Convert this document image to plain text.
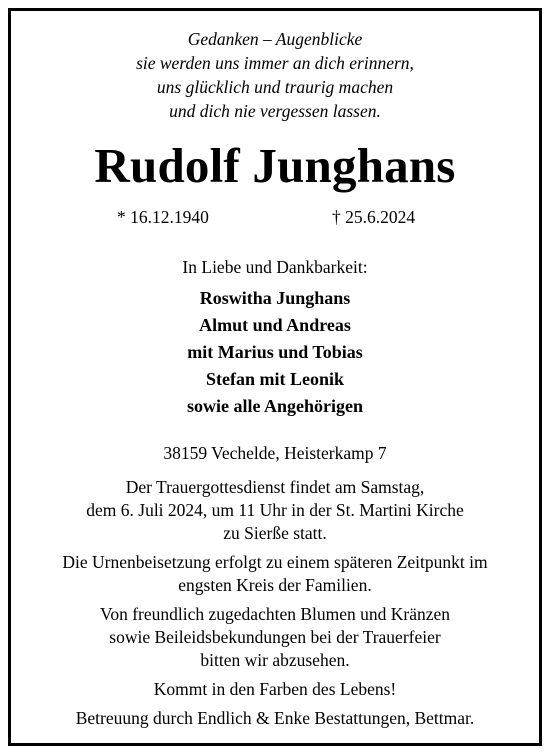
Gedanken – Augenblicke
sie werden uns immer an dich erinnern,
uns glücklich und traurig machen
und dich nie vergessen lassen.
Rudolf Junghans
* 16.12.1940	† 25.6.2024
In Liebe und Dankbarkeit:
Roswitha Junghans
Almut und Andreas
mit Marius und Tobias
Stefan mit Leonik
sowie alle Angehörigen
38159 Vechelde, Heisterkamp 7
Der Trauergottesdienst findet am Samstag,
dem 6. Juli 2024, um 11 Uhr in der St. Martini Kirche
zu Sierße statt.
Die Urnenbeisetzung erfolgt zu einem späteren Zeitpunkt im
engsten Kreis der Familien.
Von freundlich zugedachten Blumen und Kränzen
sowie Beileidsbekundungen bei der Trauerfeier
bitten wir abzusehen.
Kommt in den Farben des Lebens!
Betreuung durch Endlich & Enke Bestattungen, Bettmar.
